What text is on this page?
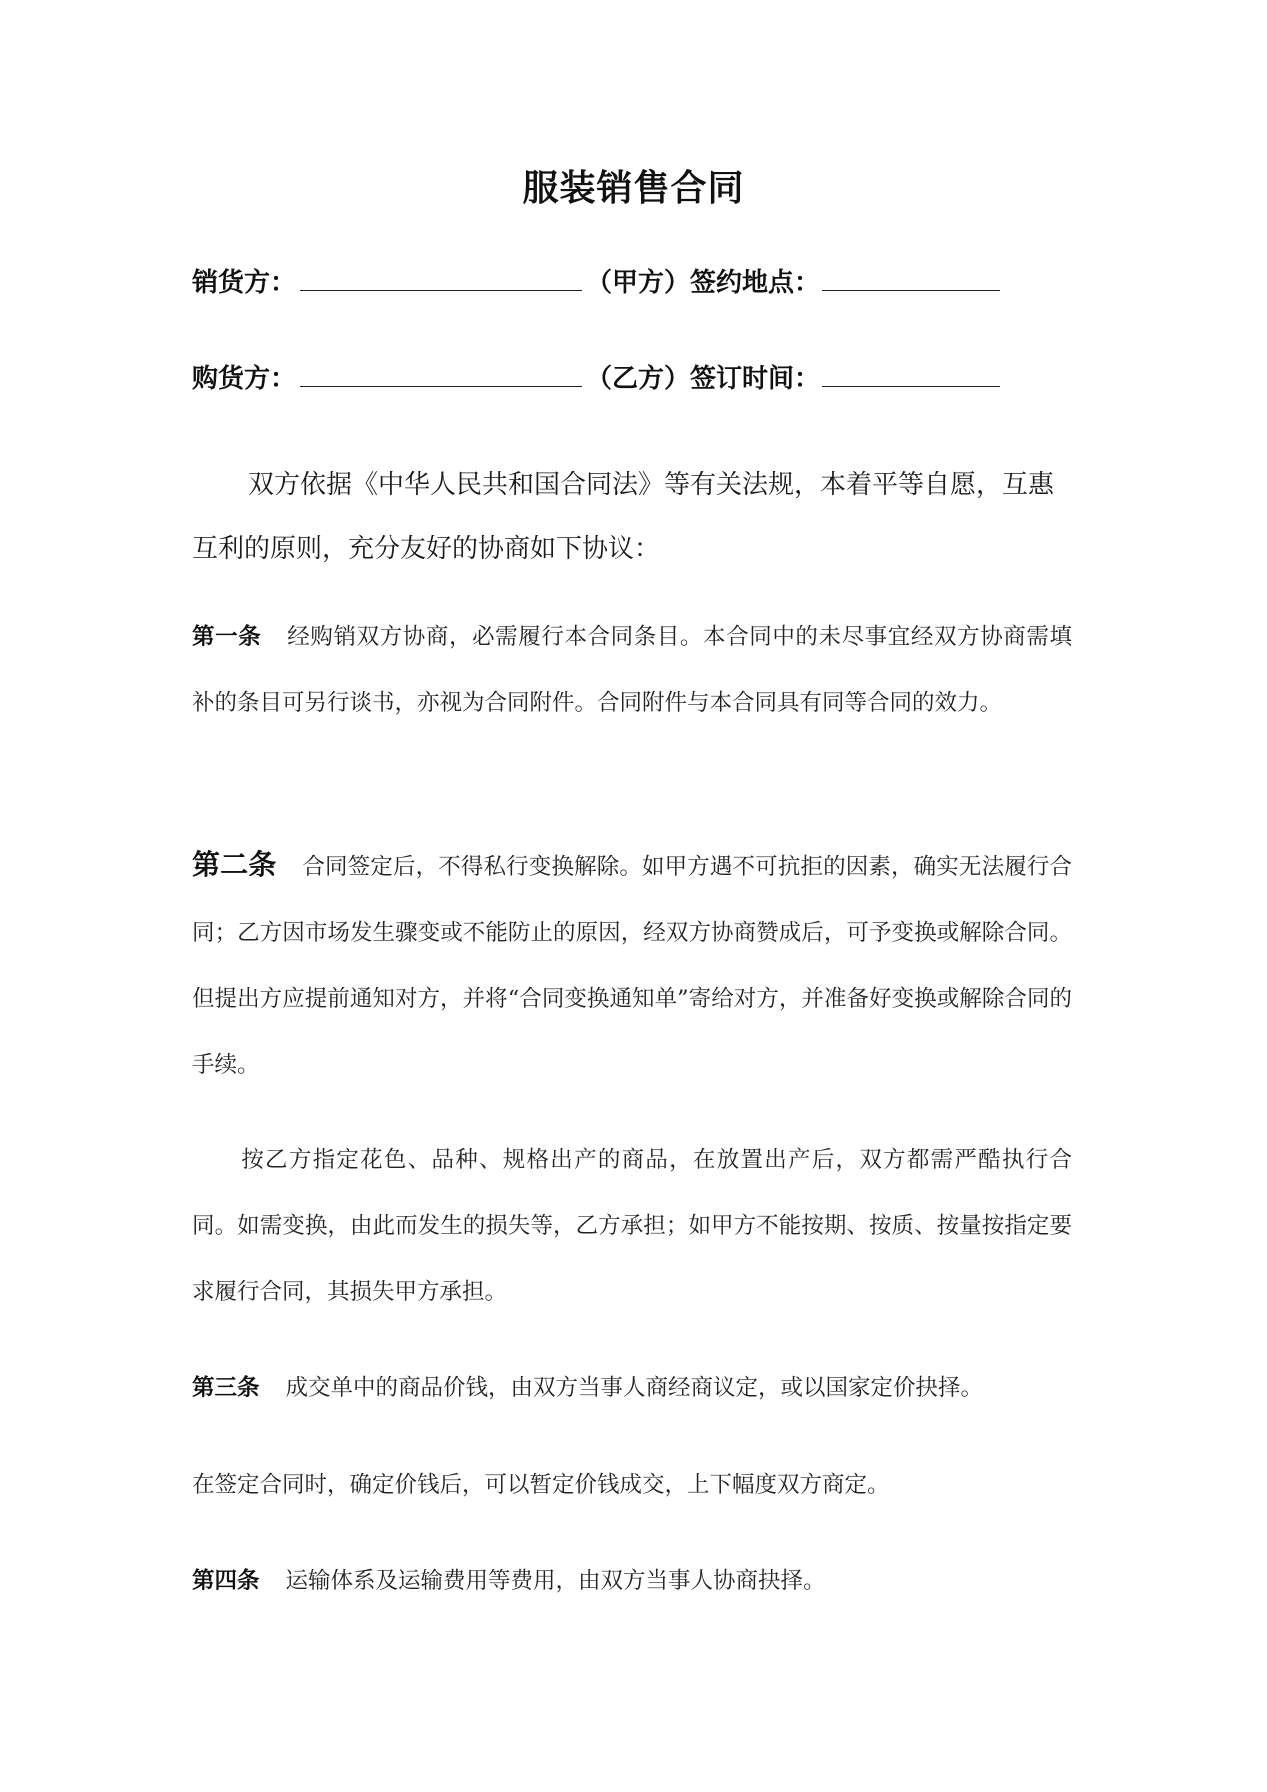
服装销售合同
销货方：	（甲方） 签约地点：
购货方：	（乙方） 签订时间：
双方依据《中华人民共和国合同法》等有关法规，本着平等自愿，互惠互利的原则，充分友好的协商如下协议：
第一条 经购销双方协商，必需履行本合同条目。本合同中的未尽事宜经双方协商需填补的条目可另行谈书，亦视为合同附件。合同附件与本合同具有同等合同的效力。
第二条 合同签定后，不得私行变换解除。如甲方遇不可抗拒的因素，确实无法履行合同；乙方因市场发生骤变或不能防止的原因，经双方协商赞成后，可予变换或解除合同。但提出方应提前通知对方，并将“合同变换通知单”寄给对方，并准备好变换或解除合同的手续。
按乙方指定花色、品种、规格出产的商品，在放置出产后，双方都需严酷执行合同。如需变换，由此而发生的损失等，乙方承担；如甲方不能按期、按质、按量按指定要求履行合同，其损失甲方承担。
第三条 成交单中的商品价钱，由双方当事人商经商议定，或以国家定价抉择。
在签定合同时，确定价钱后，可以暂定价钱成交，上下幅度双方商定。
第四条 运输体系及运输费用等费用，由双方当事人协商抉择。
